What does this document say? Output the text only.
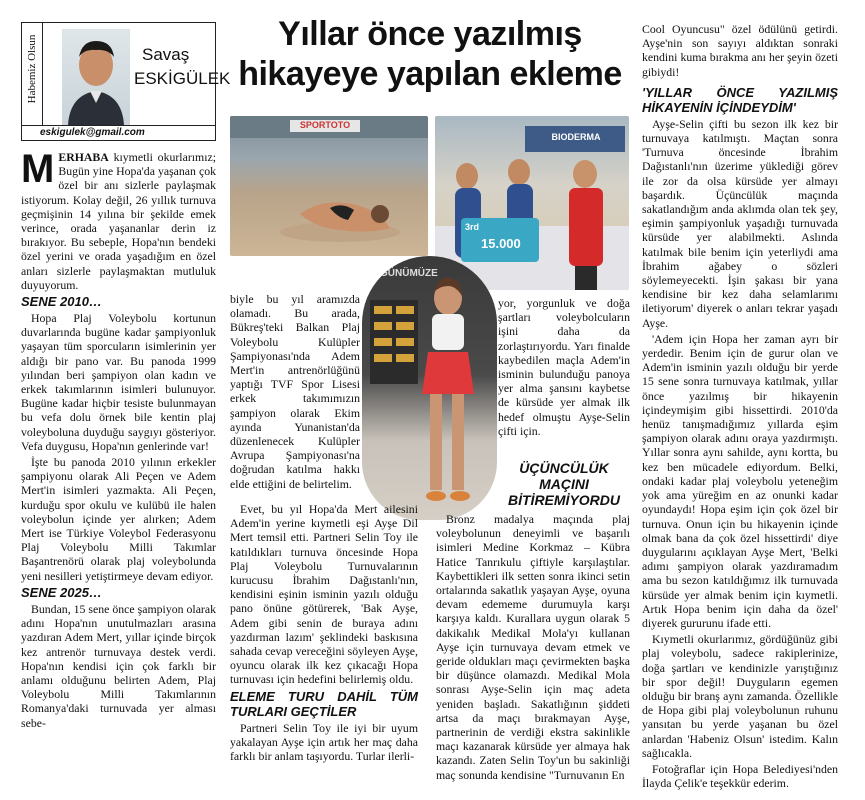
Habemiz Olsun	Savaş
ESKİGÜLEK
eskigulek@gmail.com
Yıllar önce yazılmış hikayeye yapılan ekleme
SPORTOTO
BIODERMA
15.000
3rd
GÜNÜMÜZE

MERHABA kıymetli okurlarımız; Bugün yine Hopa'da yaşanan çok özel bir anı sizlerle paylaşmak istiyorum. Kolay değil, 26 yıllık turnuva geçmişinin 14 yılına bir şekilde emek verince, orada yaşananlar derin iz bırakıyor. Bu sebeple, Hopa'nın bendeki özel yerini ve orada yaşadığım en özel anları sizlerle paylaşmaktan mutluluk duyuyorum.

SENE 2010…

Hopa Plaj Voleybolu kortunun duvarlarında bugüne kadar şampiyonluk yaşayan tüm sporcuların isimlerinin yer aldığı bir pano var. Bu panoda 1999 yılından beri şampiyon olan kadın ve erkek takımlarının isimleri bulunuyor. Bugüne kadar hiçbir tesiste bulunmayan bu vefa dolu örnek bile kentin plaj voleyboluna duyduğu saygıyı gösteriyor. Vefa duygusu, Hopa'nın genlerinde var!

İşte bu panoda 2010 yılının erkekler şampiyonu olarak Ali Peçen ve Adem Mert'in isimleri yazmakta. Ali Peçen, kurduğu spor okulu ve kulübü ile halen voleybolun içinde yer alırken; Adem Mert ise Türkiye Voleybol Federasyonu Plaj Voleybolu Milli Takımlar Başantrenörü olarak plaj voleybolunda yeni nesilleri yetiştirmeye devam ediyor.

SENE 2025…

Bundan, 15 sene önce şampiyon olarak adını Hopa'nın unutulmazları arasına yazdıran Adem Mert, yıllar içinde birçok kez antrenör turnuvaya destek verdi. Hopa'nın kendisi için çok farklı bir anlamı olduğunu belirten Adem, Plaj Voleybolu Milli Takımlarının Romanya'daki turnuvada yer alması sebe-

biyle bu yıl aramızda olamadı. Bu arada, Bükreş'teki Balkan Plaj Voleybolu Kulüpler Şampiyonası'nda Adem Mert'in antrenörlüğünü yaptığı TVF Spor Lisesi erkek takımımızın şampiyon olarak Ekim ayında Yunanistan'da düzenlenecek Kulüpler Avrupa Şampiyonası'na doğrudan katılma hakkı elde ettiğini de belirtelim.

Evet, bu yıl Hopa'da Mert ailesini Adem'in yerine kıymetli eşi Ayşe Dil Mert temsil etti. Partneri Selin Toy ile katıldıkları turnuva öncesinde Hopa Plaj Voleybolu Turnuvalarının kurucusu İbrahim Dağıstanlı'nın, kendisini eşinin isminin yazılı olduğu pano önüne götürerek, 'Bak Ayşe, Adem gibi senin de buraya adını yazdırman lazım' şeklindeki baskısına sahada cevap vereceğini söyleyen Ayşe, oyuncu olarak ilk kez çıkacağı Hopa turnuvası için hedefini belirlemiş oldu.

ELEME TURU DAHİL TÜM TURLARI GEÇTİLER

Partneri Selin Toy ile iyi bir uyum yakalayan Ayşe için artık her maç daha farklı bir anlam taşıyordu. Turlar ilerli-

yor, yorgunluk ve doğa şartları voleybolcuların işini daha da zorlaştırıyordu. Yarı finalde kaybedilen maçla Adem'in isminin bulunduğu panoya yer alma şansını kaybetse de kürsüde yer almak ilk hedef olmuştu Ayşe-Selin çifti için.

ÜÇÜNCÜLÜK MAÇINI BİTİREMİYORDU

Bronz madalya maçında plaj voleybolunun deneyimli ve başarılı isimleri Medine Korkmaz – Kübra Hatice Tanrıkulu çiftiyle karşılaştılar. Kaybettikleri ilk setten sonra ikinci setin ortalarında sakatlık yaşayan Ayşe, oyuna devam edememe durumuyla karşı karşıya kaldı. Kurallara uygun olarak 5 dakikalık Medikal Mola'yı kullanan Ayşe için turnuvaya devam etmek ve geride oldukları maçı çevirmekten başka bir düşünce olamazdı. Medikal Mola sonrası Ayşe-Selin için maç adeta yeniden başladı. Sakatlığının şiddeti artsa da maçı bırakmayan Ayşe, partnerinin de verdiği ekstra sakinlikle maçı kazanarak kürsüde yer almaya hak kazandı. Zaten Selin Toy'un bu sakinliği maç sonunda kendisine "Turnuvanın En

Cool Oyuncusu" özel ödülünü getirdi. Ayşe'nin son sayıyı aldıktan sonraki kendini kuma bırakma anı her şeyin özeti gibiydi!

'YILLAR ÖNCE YAZILMIŞ HİKAYENİN İÇİNDEYDİM'

Ayşe-Selin çifti bu sezon ilk kez bir turnuvaya katılmıştı. Maçtan sonra 'Turnuva öncesinde İbrahim Dağıstanlı'nın üzerime yüklediği görev ile zor da olsa kürsüde yer almayı başardık. Üçüncülük maçında sakatlandığım anda aklımda olan tek şey, eşimin şampiyonluk yaşadığı turnuvada kürsüde yer alabilmekti. Aslında katılmak bile benim için yeterliydi ama İbrahim ağabey o sözleri söylemeyecekti. İşin şakası bir yana kendisine bir kez daha selamlarımı iletiyorum' diyerek o anları tekrar yaşadı Ayşe.

'Adem için Hopa her zaman ayrı bir yerdedir. Benim için de gurur olan ve Adem'in isminin yazılı olduğu bir yerde 15 sene sonra turnuvaya katılmak, yıllar önce yazılmış bir hikayenin içindeymişim gibi hissettirdi. 2010'da henüz tanışmadığımız yıllarda eşim şampiyon olarak adını oraya yazdırmıştı. Yıllar sonra aynı sahilde, aynı kortta, bu kez ben mücadele ediyordum. Belki, ondaki kadar plaj voleybolu yeteneğim yok ama yüreğim en az onunki kadar oyundaydı! Hopa eşim için çok özel bir turnuva. Onun için bu hikayenin içinde olmak bana da çok özel hissettirdi' diye duygularını açıklayan Ayşe Mert, 'Belki adımı şampiyon olarak yazdıramadım ama bu sezon katıldığımız ilk turnuvada kürsüde yer almak benim için kıymetli. Artık Hopa benim için daha da özel' diyerek gururunu ifade etti.

Kıymetli okurlarımız, gördüğünüz gibi plaj voleybolu, sadece rakiplerinize, doğa şartları ve kendinizle yarıştığınız bir spor değil! Duyguların egemen olduğu bir branş aynı zamanda. Özellikle de Hopa gibi plaj voleybolunun ruhunu yansıtan bu yerde yaşanan bu özel anlardan 'Habeniz Olsun' istedim. Kalın sağlıcakla.

Fotoğraflar için Hopa Belediyesi'nden İlayda Çelik'e teşekkür ederim.
